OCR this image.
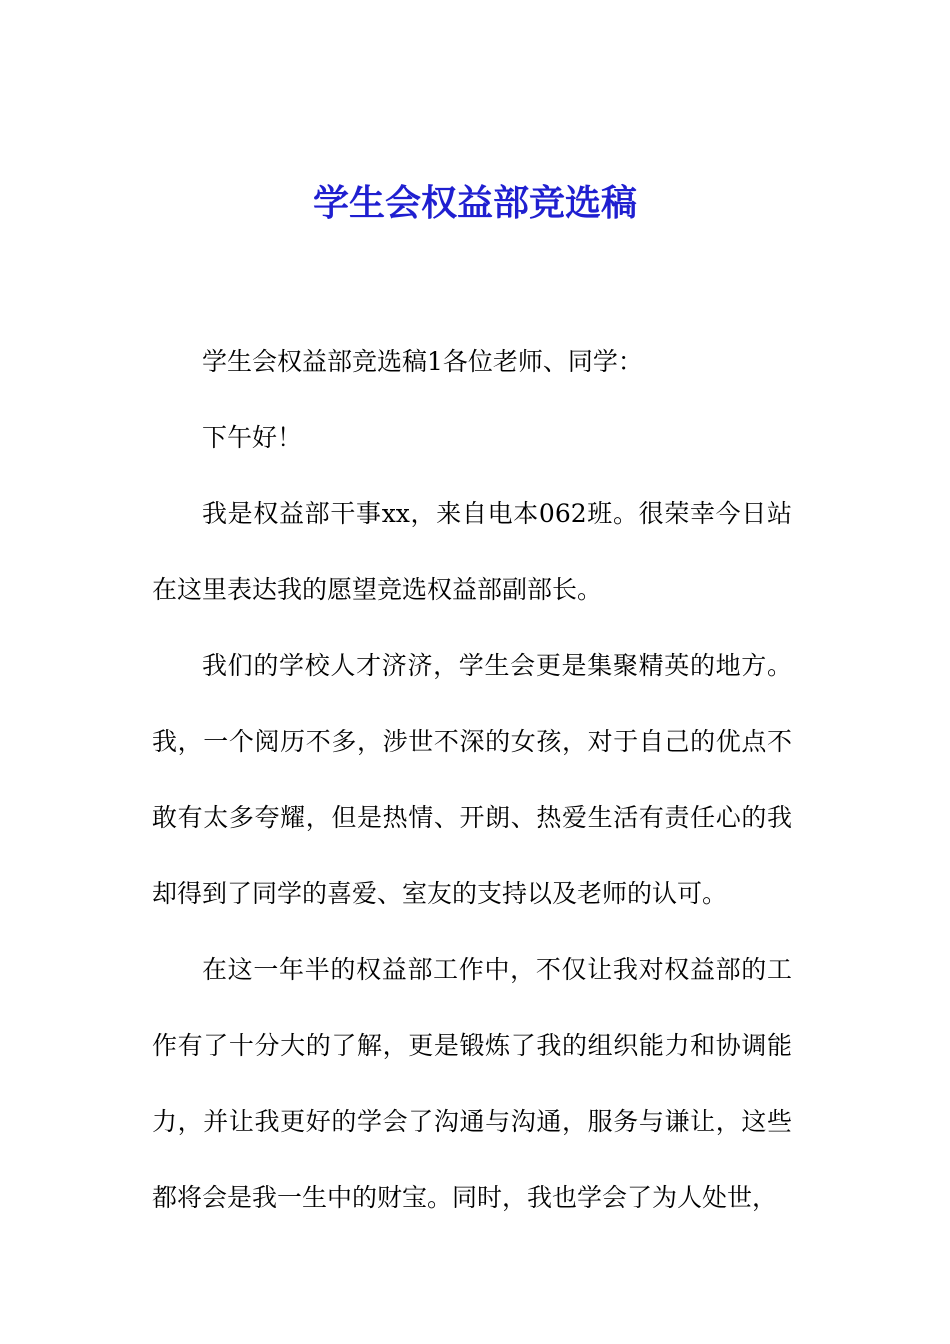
学生会权益部竞选稿

学生会权益部竞选稿1各位老师、同学：

下午好！

我是权益部干事xx，来自电本062班。很荣幸今日站在这里表达我的愿望竞选权益部副部长。

我们的学校人才济济，学生会更是集聚精英的地方。我，一个阅历不多，涉世不深的女孩，对于自己的优点不敢有太多夸耀，但是热情、开朗、热爱生活有责任心的我却得到了同学的喜爱、室友的支持以及老师的认可。

在这一年半的权益部工作中，不仅让我对权益部的工作有了十分大的了解，更是锻炼了我的组织能力和协调能力，并让我更好的学会了沟通与沟通，服务与谦让，这些都将会是我一生中的财宝。同时，我也学会了为人处世，
